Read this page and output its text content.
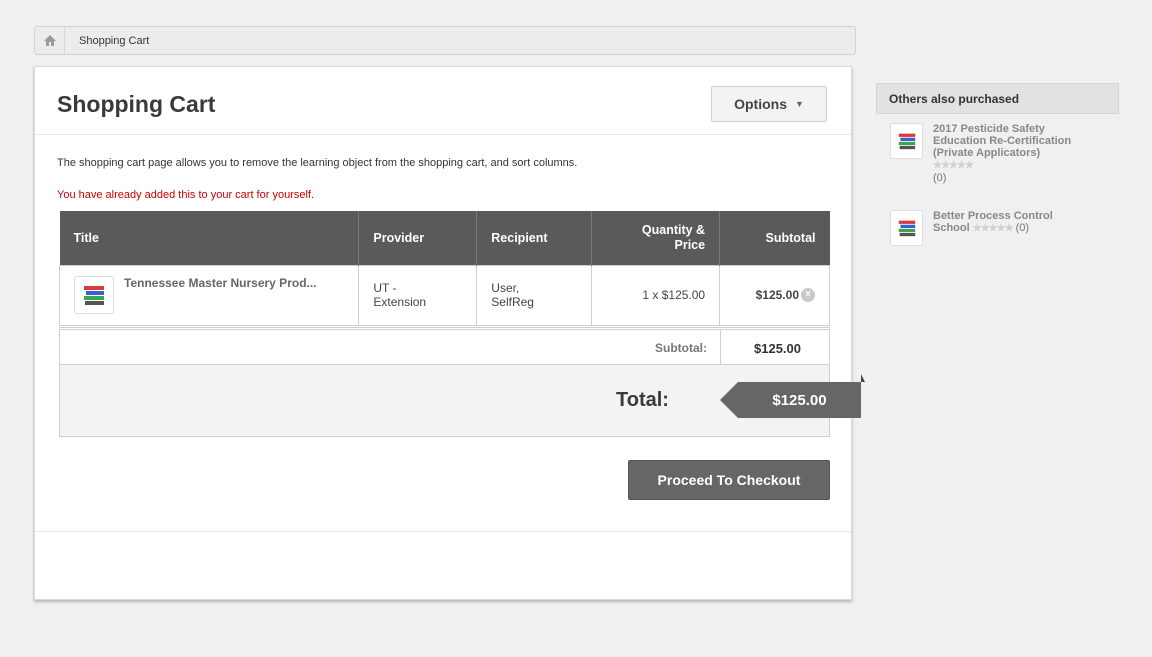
Shopping Cart
Shopping Cart	Options ▼
The shopping cart page allows you to remove the learning object from the shopping cart, and sort columns.
You have already added this to your cart for yourself.
Title	Provider	Recipient	Quantity & Price	Subtotal

Tennessee Master Nursery Prod...	UT - Extension	User, SelfReg	1 x $125.00	$125.00 ×
Subtotal:	$125.00
Total:	$125.00
Proceed To Checkout
Others also purchased
2017 Pesticide Safety Education Re-Certification (Private Applicators) ★★★★★
(0)
Better Process Control School ★★★★★ (0)
